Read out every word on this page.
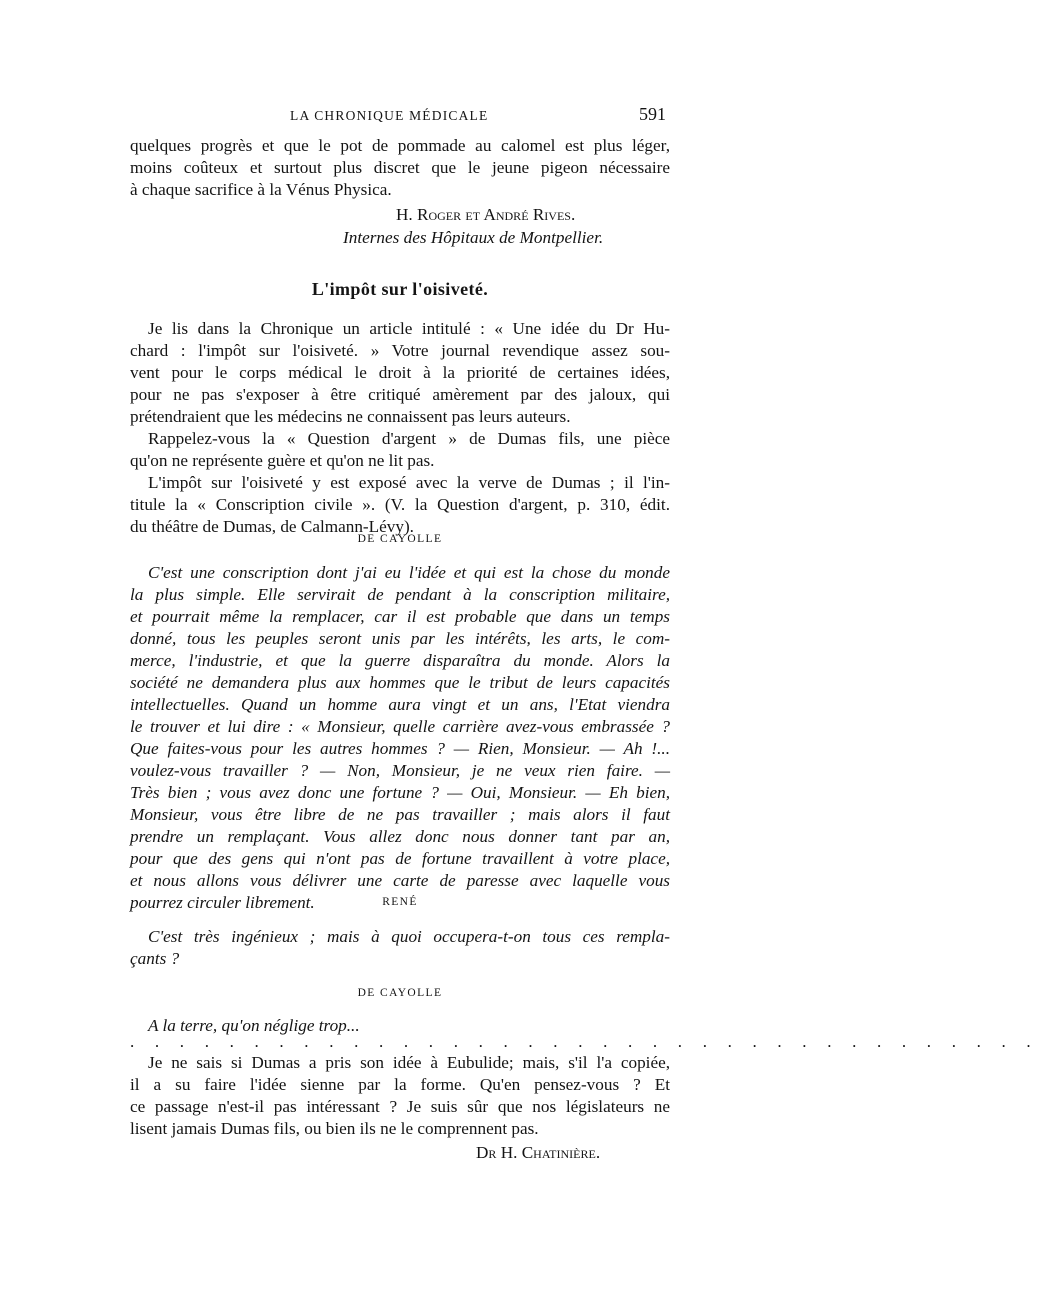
LA CHRONIQUE MÉDICALE	591
quelques progrès et que le pot de pommade au calomel est plus léger,
moins coûteux et surtout plus discret que le jeune pigeon nécessaire
à chaque sacrifice à la Vénus Physica.
H. Roger et André Rives.
Internes des Hôpitaux de Montpellier.
L'impôt sur l'oisiveté.
Je lis dans la Chronique un article intitulé : « Une idée du Dr Hu-
chard : l'impôt sur l'oisiveté. » Votre journal revendique assez sou-
vent pour le corps médical le droit à la priorité de certaines idées,
pour ne pas s'exposer à être critiqué amèrement par des jaloux, qui
prétendraient que les médecins ne connaissent pas leurs auteurs.
Rappelez-vous la « Question d'argent » de Dumas fils, une pièce
qu'on ne représente guère et qu'on ne lit pas.
L'impôt sur l'oisiveté y est exposé avec la verve de Dumas ; il l'in-
titule la « Conscription civile ». (V. la Question d'argent, p. 310, édit.
du théâtre de Dumas, de Calmann-Lévy).
DE CAYOLLE
C'est une conscription dont j'ai eu l'idée et qui est la chose du monde
la plus simple. Elle servirait de pendant à la conscription militaire,
et pourrait même la remplacer, car il est probable que dans un temps
donné, tous les peuples seront unis par les intérêts, les arts, le com-
merce, l'industrie, et que la guerre disparaîtra du monde. Alors la
société ne demandera plus aux hommes que le tribut de leurs capacités
intellectuelles. Quand un homme aura vingt et un ans, l'Etat viendra
le trouver et lui dire : « Monsieur, quelle carrière avez-vous embrassée ?
Que faites-vous pour les autres hommes ? — Rien, Monsieur. — Ah !...
voulez-vous travailler ? — Non, Monsieur, je ne veux rien faire. —
Très bien ; vous avez donc une fortune ? — Oui, Monsieur. — Eh bien,
Monsieur, vous être libre de ne pas travailler ; mais alors il faut
prendre un remplaçant. Vous allez donc nous donner tant par an,
pour que des gens qui n'ont pas de fortune travaillent à votre place,
et nous allons vous délivrer une carte de paresse avec laquelle vous
pourrez circuler librement.	RENÉ
C'est très ingénieux ; mais à quoi occupera-t-on tous ces rempla-
çants ?
DE CAYOLLE
A la terre, qu'on néglige trop...
. . . . . . . . . . . . . . . . . . . . . . . . . . . . . . . . . . . . .
Je ne sais si Dumas a pris son idée à Eubulide; mais, s'il l'a copiée,
il a su faire l'idée sienne par la forme. Qu'en pensez-vous ? Et
ce passage n'est-il pas intéressant ? Je suis sûr que nos législateurs ne
lisent jamais Dumas fils, ou bien ils ne le comprennent pas.
Dr H. Chatinière.
